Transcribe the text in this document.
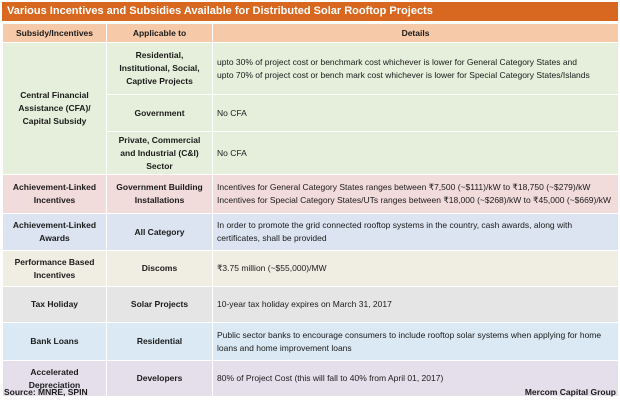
Various Incentives and Subsidies Available for Distributed Solar Rooftop Projects
Subsidy/Incentives	Applicable to	Details
Central Financial Assistance (CFA)/ Capital Subsidy	Residential, Institutional, Social, Captive Projects	upto 30% of project cost or benchmark cost whichever is lower for General Category States and
upto 70% of project cost or bench mark cost whichever is lower for Special Category States/Islands

	Government	No CFA
	Private, Commercial and Industrial (C&I) Sector	No CFA
Achievement-Linked Incentives	Government Building Installations	Incentives for General Category States ranges between ₹7,500 (~$111)/kW to ₹18,750 (~$279)/kW
Incentives for Special Category States/UTs ranges between ₹18,000 (~$268)/kW to ₹45,000 (~$669)/kW

Achievement-Linked Awards	All Category	In order to promote the grid connected rooftop systems in the country, cash awards, along with certificates, shall be provided
Performance Based Incentives	Discoms	₹3.75 million (~$55,000)/MW
Tax Holiday	Solar Projects	10-year tax holiday expires on March 31, 2017
Bank Loans	Residential	Public sector banks to encourage consumers to include rooftop solar systems when applying for home loans and home improvement loans
Accelerated Depreciation	Developers	80% of Project Cost (this will fall to 40% from April 01, 2017)
Source: MNRE, SPIN	Mercom Capital Group
